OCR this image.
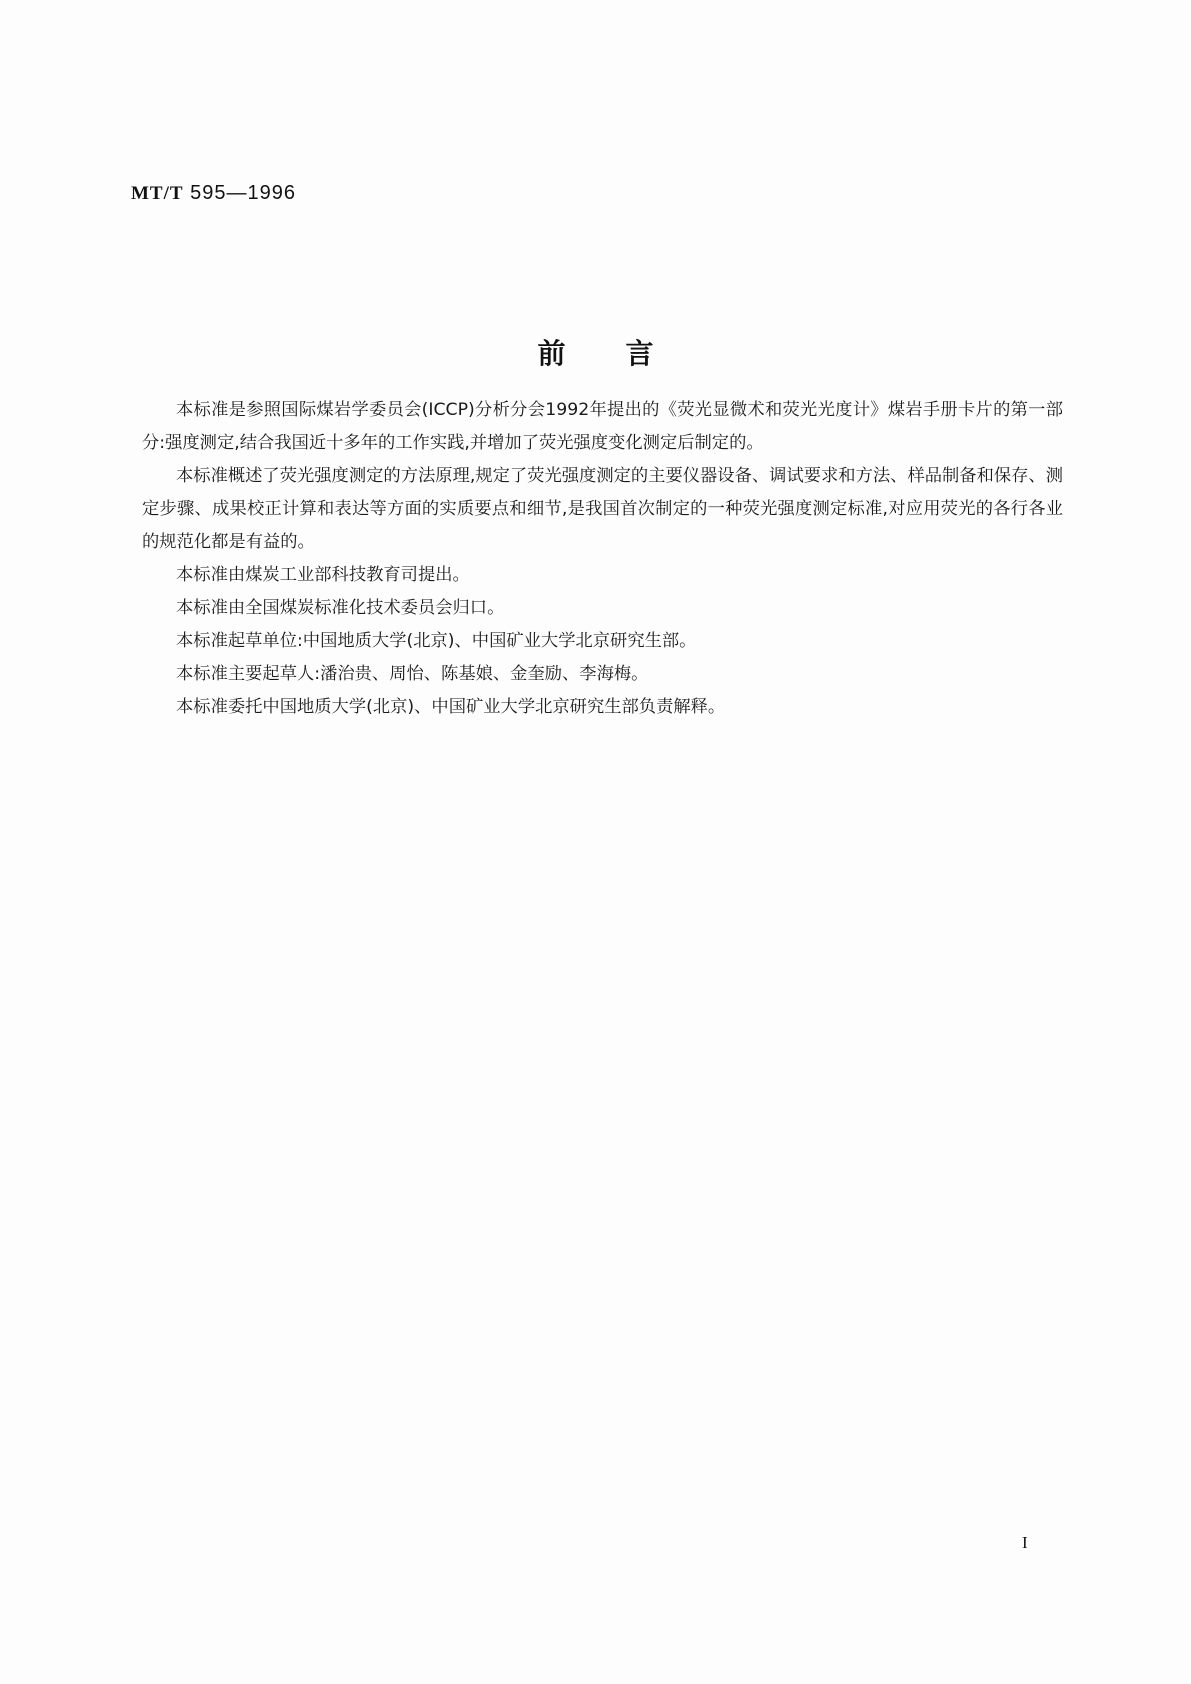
MT/T 595—1996
前言

本标准是参照国际煤岩学委员会(ICCP)分析分会1992年提出的《荧光显微术和荧光光度计》煤岩手册卡片的第一部分:强度测定,结合我国近十多年的工作实践,并增加了荧光强度变化测定后制定的。

本标准概述了荧光强度测定的方法原理,规定了荧光强度测定的主要仪器设备、调试要求和方法、样品制备和保存、测定步骤、成果校正计算和表达等方面的实质要点和细节,是我国首次制定的一种荧光强度测定标准,对应用荧光的各行各业的规范化都是有益的。

本标准由煤炭工业部科技教育司提出。

本标准由全国煤炭标准化技术委员会归口。

本标准起草单位:中国地质大学(北京)、中国矿业大学北京研究生部。

本标准主要起草人:潘治贵、周怡、陈基娘、金奎励、李海梅。

本标准委托中国地质大学(北京)、中国矿业大学北京研究生部负责解释。

I
